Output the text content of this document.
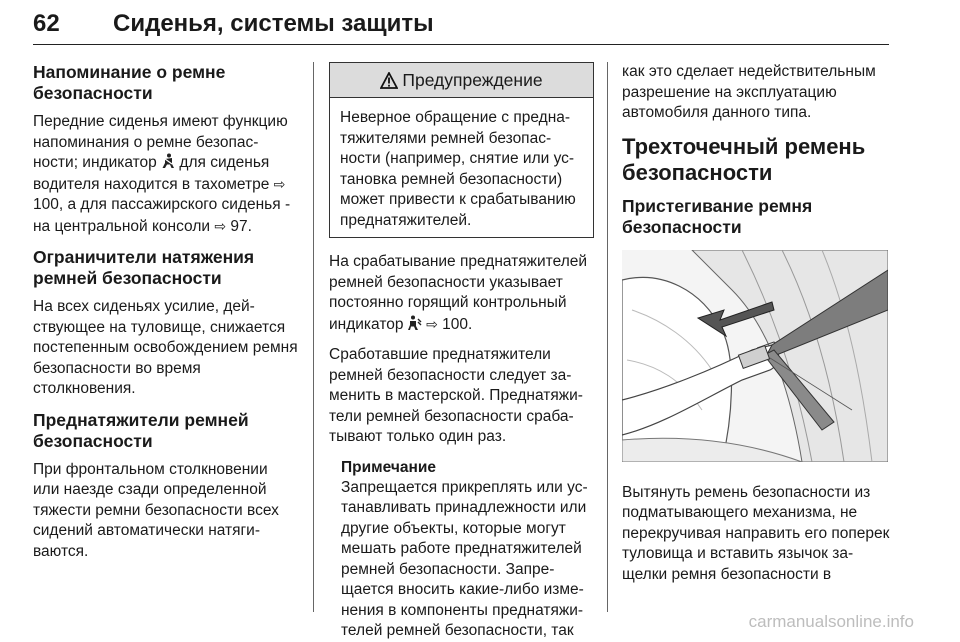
62 Сиденья, системы защиты
Напоминание о ремне безопасности

Передние сиденья имеют функцию напоминания о ремне безопасности; индикатор для сиденья водителя находится в тахометре ⇨ 100, а для пассажирского сиденья - на центральной консоли ⇨ 97.

Ограничители натяжения ремней безопасности

На всех сиденьях усилие, действующее на туловище, снижается постепенным освобождением ремня безопасности во время столкновения.

Преднатяжители ремней безопасности

При фронтальном столкновении или наезде сзади определенной тяжести ремни безопасности всех сидений автоматически натягиваются.

Предупреждение

Неверное обращение с преднатяжителями ремней безопасности (например, снятие или установка ремней безопасности) может привести к срабатыванию преднатяжителей.

На срабатывание преднатяжителей ремней безопасности указывает постоянно горящий контрольный индикатор ⇨ 100.

Сработавшие преднатяжители ремней безопасности следует заменить в мастерской. Преднатяжители ремней безопасности срабатывают только один раз.

Примечание

Запрещается прикреплять или устанавливать принадлежности или другие объекты, которые могут мешать работе преднатяжителей ремней безопасности. Запрещается вносить какие-либо изменения в компоненты преднатяжителей ремней безопасности, так

как это сделает недействительным разрешение на эксплуатацию автомобиля данного типа.

Трехточечный ремень безопасности
Пристегивание ремня безопасности

Вытянуть ремень безопасности из подматывающего механизма, не перекручивая направить его поперек туловища и вставить язычок защелки ремня безопасности в

carmanualsonline.info
